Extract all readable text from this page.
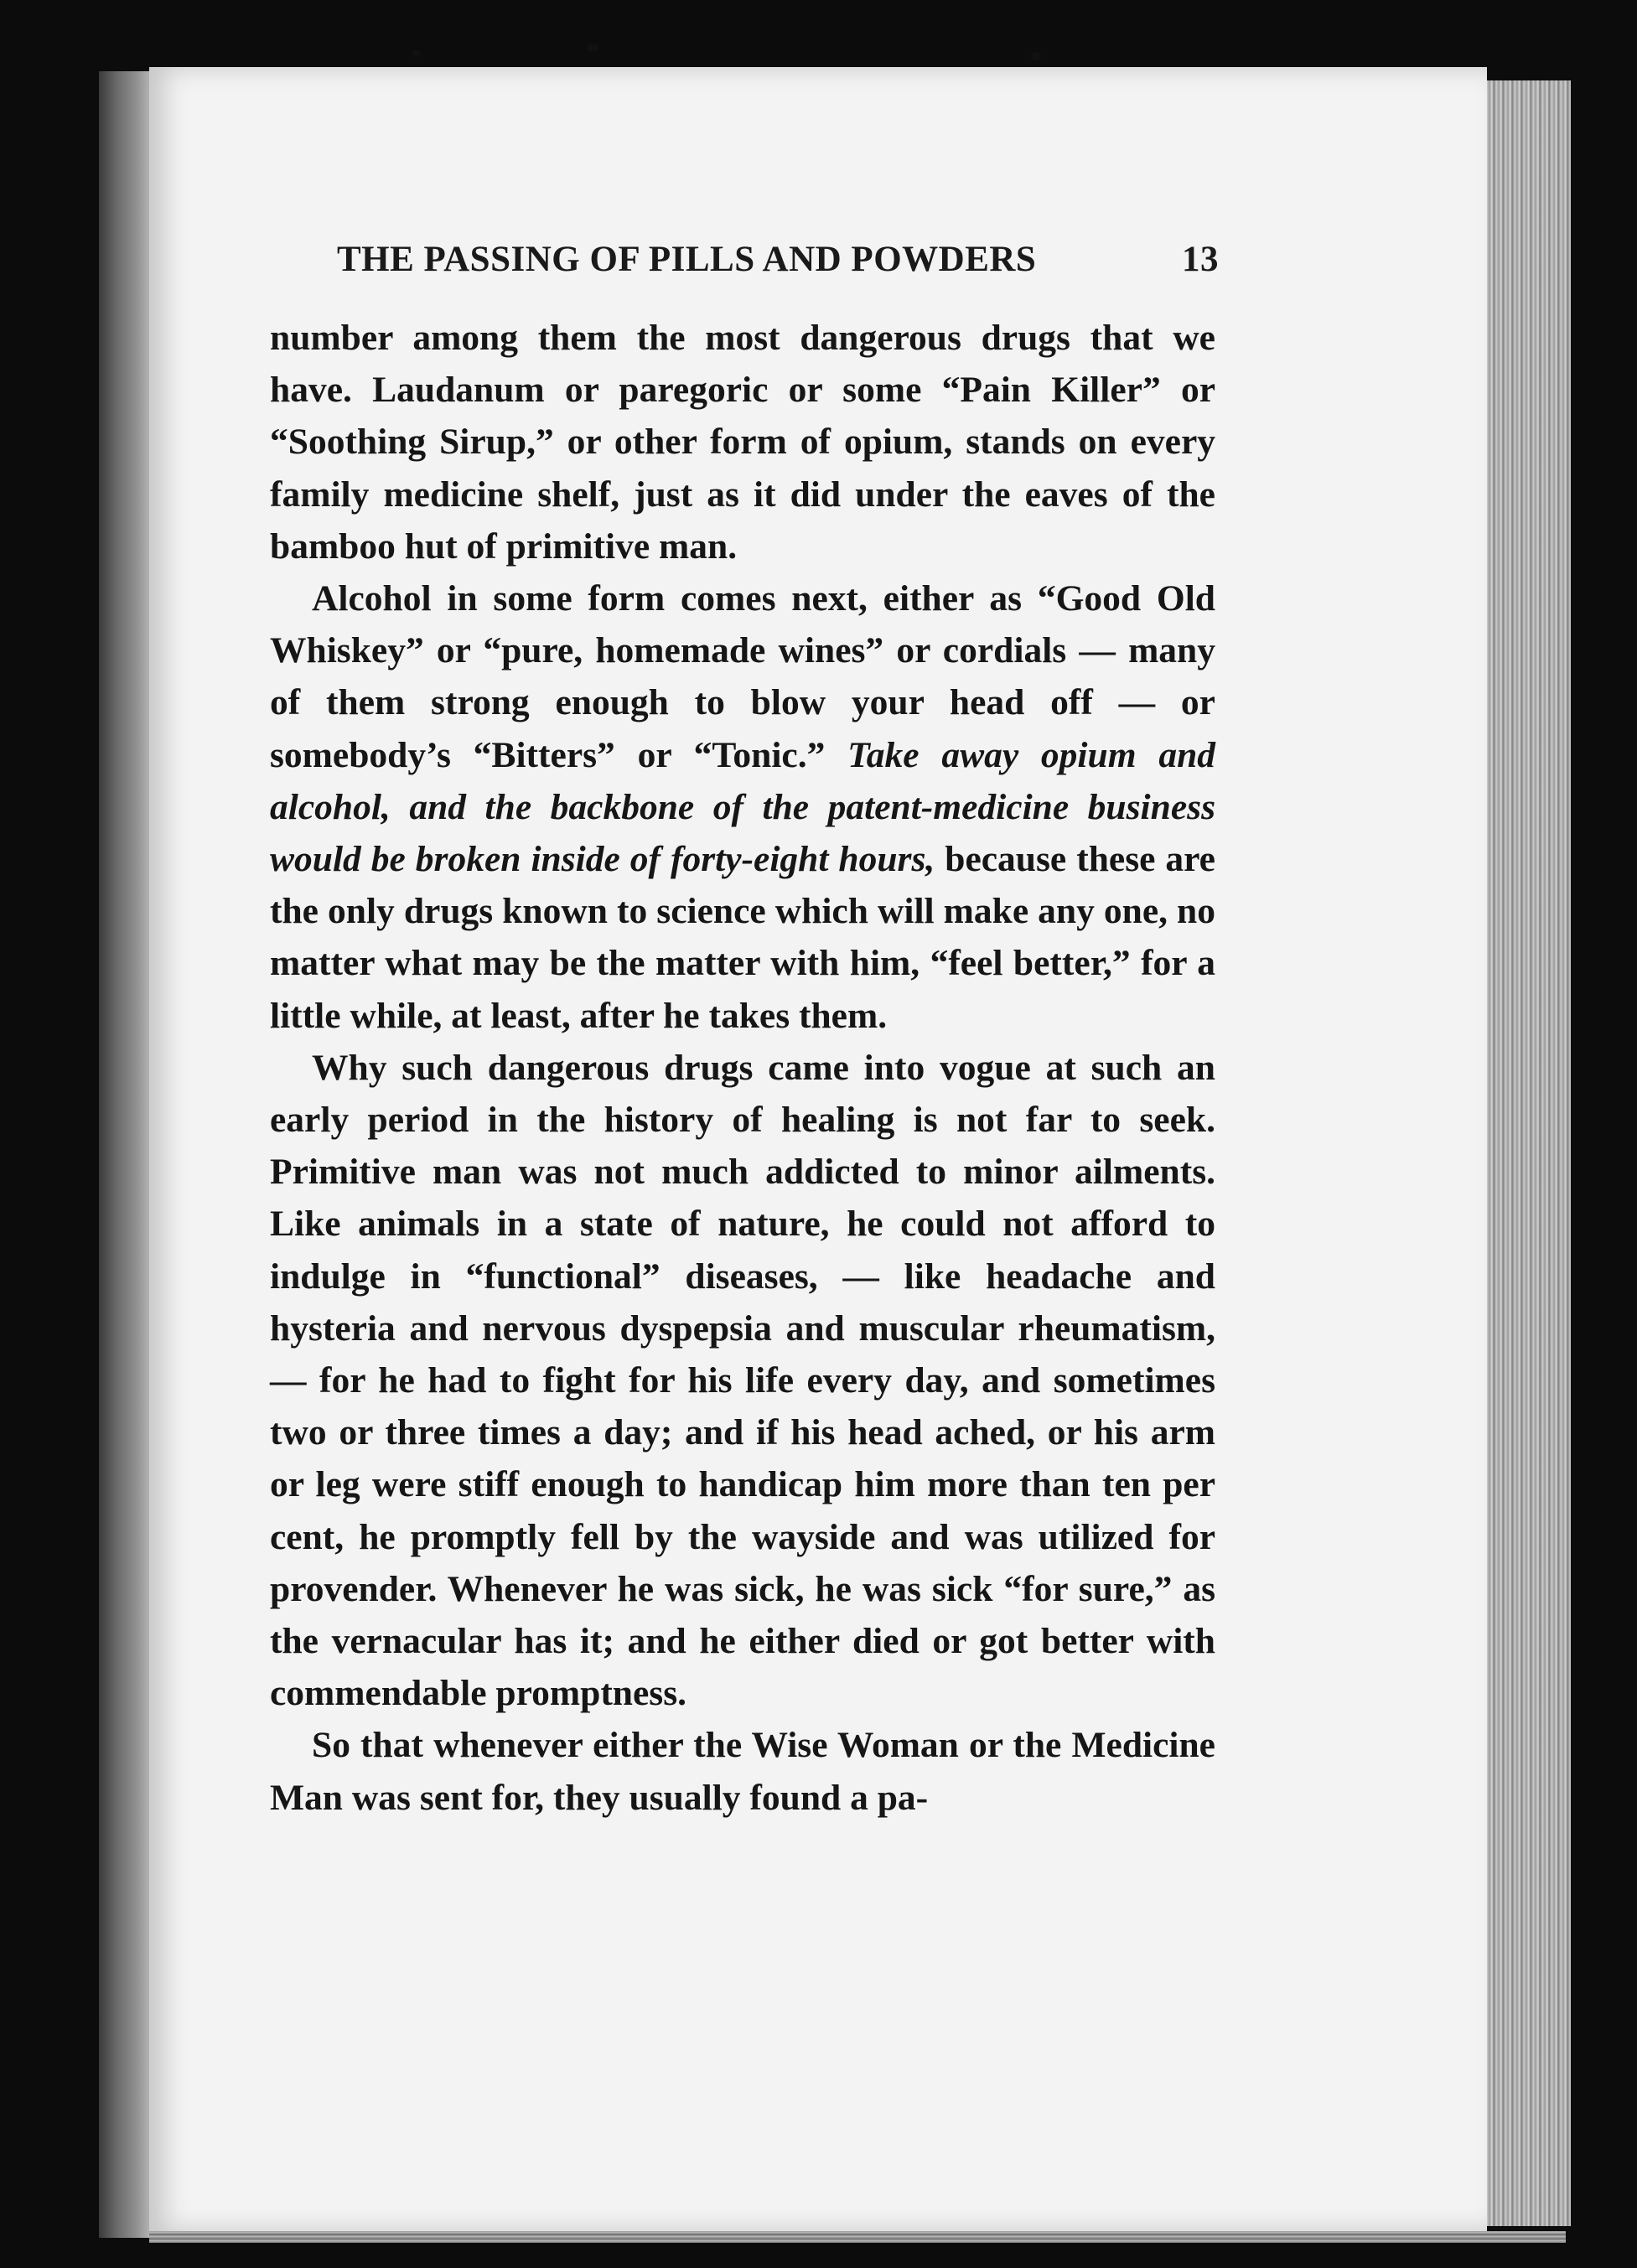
THE PASSING OF PILLS AND POWDERS	13

number among them the most dangerous drugs that we have. Laudanum or paregoric or some “Pain Killer” or “Soothing Sirup,” or other form of opium, stands on every family medicine shelf, just as it did under the eaves of the bamboo hut of primitive man.

Alcohol in some form comes next, either as “Good Old Whiskey” or “pure, homemade wines” or cordials — many of them strong enough to blow your head off — or somebody’s “Bitters” or “Tonic.” Take away opium and alcohol, and the backbone of the patent-medicine business would be broken inside of forty-eight hours, because these are the only drugs known to science which will make any one, no matter what may be the matter with him, “feel better,” for a little while, at least, after he takes them.

Why such dangerous drugs came into vogue at such an early period in the history of healing is not far to seek. Primitive man was not much addicted to minor ailments. Like animals in a state of nature, he could not afford to indulge in “functional” diseases, — like headache and hysteria and nervous dyspepsia and muscular rheumatism, — for he had to fight for his life every day, and sometimes two or three times a day; and if his head ached, or his arm or leg were stiff enough to handicap him more than ten per cent, he promptly fell by the wayside and was utilized for provender. Whenever he was sick, he was sick “for sure,” as the vernacular has it; and he either died or got better with commendable promptness.

So that whenever either the Wise Woman or the Medicine Man was sent for, they usually found a pa-
